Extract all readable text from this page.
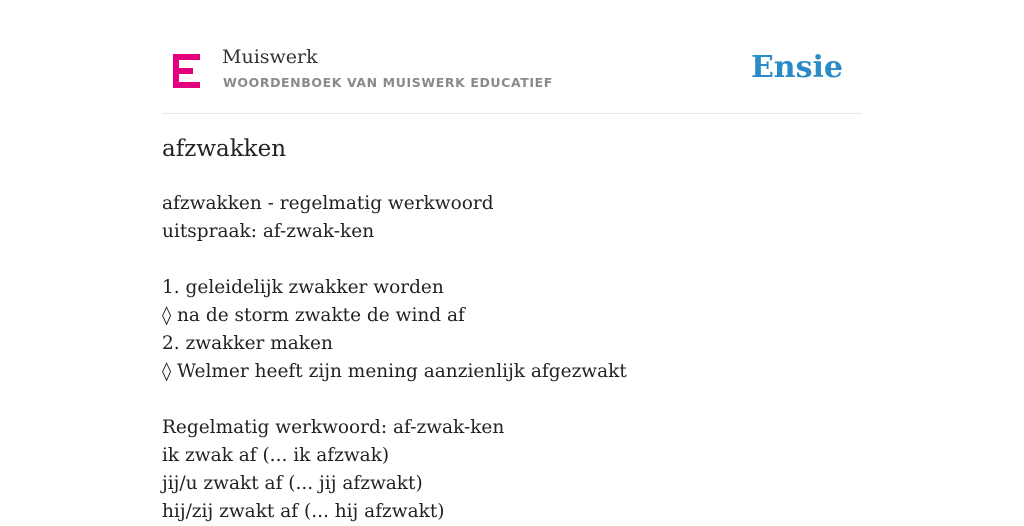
Muiswerk
WOORDENBOEK VAN MUISWERK EDUCATIEF	Ensie
afzwakken
afzwakken - regelmatig werkwoord
uitspraak: af-zwak-ken
1. geleidelijk zwakker worden
◊ na de storm zwakte de wind af
2. zwakker maken
◊ Welmer heeft zijn mening aanzienlijk afgezwakt
Regelmatig werkwoord: af-zwak-ken
ik zwak af (... ik afzwak)
jij/u zwakt af (... jij afzwakt)
hij/zij zwakt af (... hij afzwakt)
